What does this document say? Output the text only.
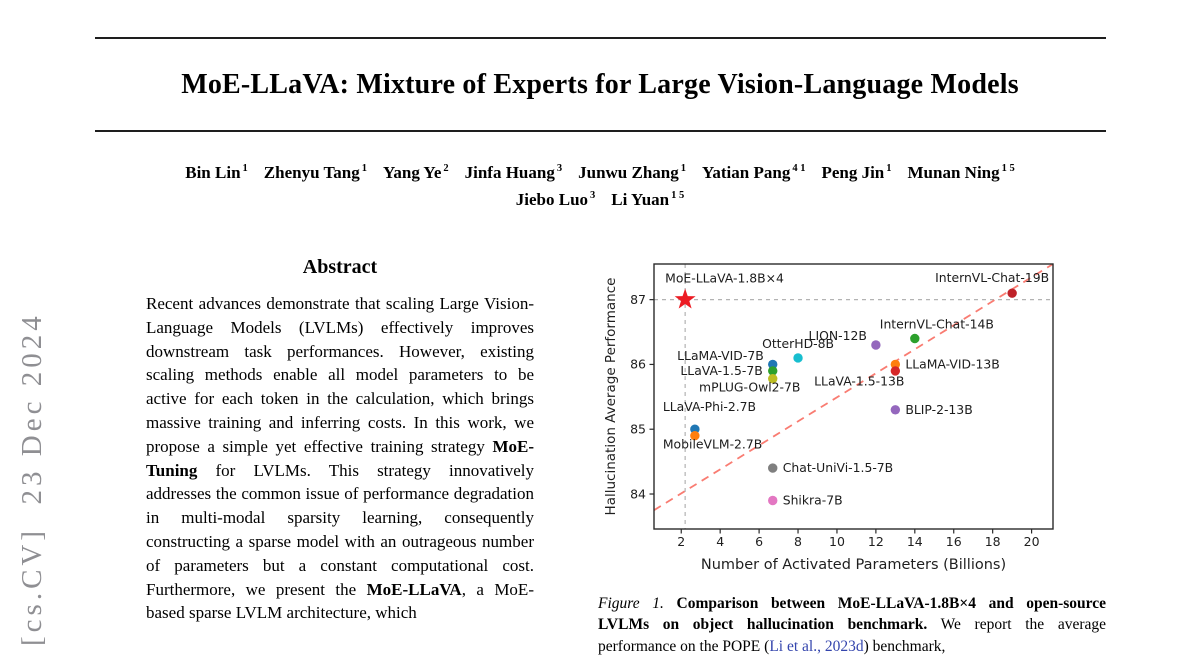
[cs.CV]  23 Dec 2024
MoE-LLaVA: Mixture of Experts for Large Vision-Language Models
Bin Lin $^1$ Zhenyu Tang $^1$ Yang Ye $^2$ Jinfa Huang $^3$ Junwu Zhang $^1$ Yatian Pang $^{4 1}$ Peng Jin $^1$ Munan Ning $^{1 5}$
Jiebo Luo $^3$ Li Yuan $^{1 5}$
Abstract
Recent advances demonstrate that scaling Large Vision-Language Models (LVLMs) effectively improves downstream task performances. However, existing scaling methods enable all model parameters to be active for each token in the calculation, which brings massive training and inferring costs. In this work, we propose a simple yet effective training strategy MoE-Tuning for LVLMs. This strategy innovatively addresses the common issue of performance degradation in multi-modal sparsity learning, consequently constructing a sparse model with an outrageous number of parameters but a constant computational cost. Furthermore, we present the MoE-LLaVA, a MoE-based sparse LVLM architecture, which
2 4 6 8 10 12 14 16 18 20
84
85
86
87
Number of Activated Parameters (Billions)
Hallucination Average Performance	LLaVA-Phi-2.7B
MobileVLM-2.7B
LLaMA-VID-7B
LLaVA-1.5-7B
mPLUG-Owl2-7B
OtterHD-8B
Chat-UniVi-1.5-7B
Shikra-7B
LION-12B
InternVL-Chat-14B
LLaMA-VID-13B
LLaVA-1.5-13B
BLIP-2-13B
InternVL-Chat-19B
MoE-LLaVA-1.8B×4
Figure 1. Comparison between MoE-LLaVA-1.8B×4 and open-source LVLMs on object hallucination benchmark. We report the average performance on the POPE (Li et al., 2023d) benchmark,
